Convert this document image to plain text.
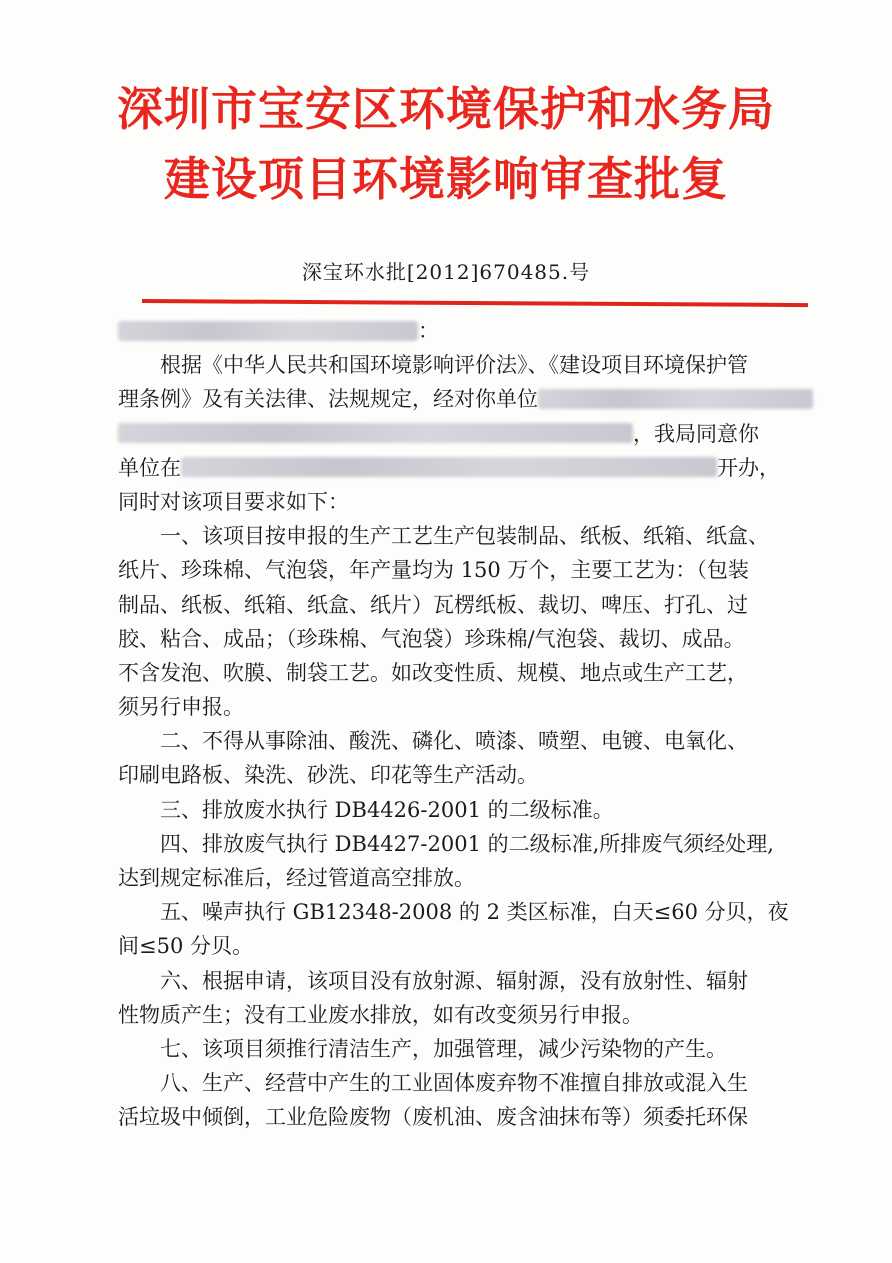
深圳市宝安区环境保护和水务局
建设项目环境影响审查批复
深宝环水批[2012]670485.号
：
根据《中华人民共和国环境影响评价法》、《建设项目环境保护管
理条例》及有关法律、法规规定，经对你单位
，我局同意你
单位在	开办，
同时对该项目要求如下：
一、该项目按申报的生产工艺生产包装制品、纸板、纸箱、纸盒、
纸片、珍珠棉、气泡袋，年产量均为 150 万个，主要工艺为：（包装
制品、纸板、纸箱、纸盒、纸片）瓦楞纸板、裁切、啤压、打孔、过
胶、粘合、成品；（珍珠棉、气泡袋）珍珠棉/气泡袋、裁切、成品。
不含发泡、吹膜、制袋工艺。如改变性质、规模、地点或生产工艺，
须另行申报。
二、不得从事除油、酸洗、磷化、喷漆、喷塑、电镀、电氧化、
印刷电路板、染洗、砂洗、印花等生产活动。
三、排放废水执行 DB4426-2001 的二级标准。
四、排放废气执行 DB4427-2001 的二级标准,所排废气须经处理,
达到规定标准后，经过管道高空排放。
五、噪声执行 GB12348-2008 的 2 类区标准，白天≤60 分贝，夜
间≤50 分贝。
六、根据申请，该项目没有放射源、辐射源，没有放射性、辐射
性物质产生；没有工业废水排放，如有改变须另行申报。
七、该项目须推行清洁生产，加强管理，减少污染物的产生。
八、生产、经营中产生的工业固体废弃物不准擅自排放或混入生
活垃圾中倾倒，工业危险废物（废机油、废含油抹布等）须委托环保
